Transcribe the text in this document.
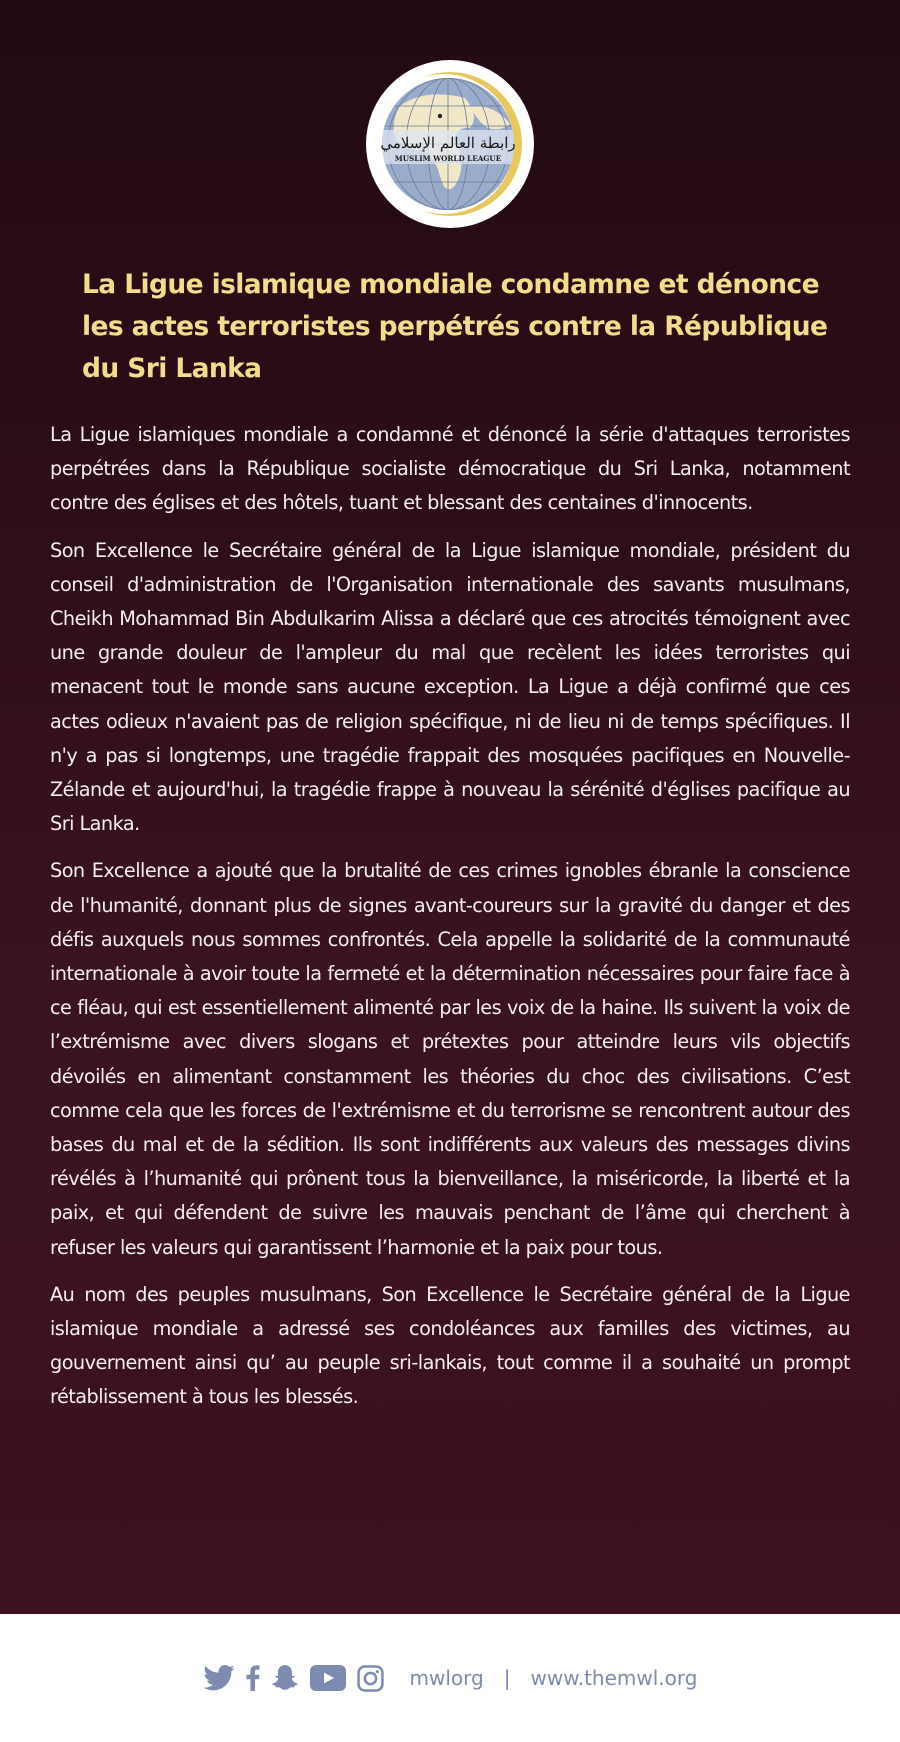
رابطة العالم الإسلامي
MUSLIM WORLD LEAGUE
La Ligue islamique mondiale condamne et dénonce les actes terroristes perpétrés contre la République du Sri Lanka

La Ligue islamiques mondiale a condamné et dénoncé la série d'attaques terroristes perpétrées dans la République socialiste démocratique du Sri Lanka, notamment contre des églises et des hôtels, tuant et blessant des centaines d'innocents.

Son Excellence le Secrétaire général de la Ligue islamique mondiale, président du conseil d'administration de l'Organisation internationale des savants musulmans, Cheikh Mohammad Bin Abdulkarim Alissa a déclaré que ces atrocités témoignent avec une grande douleur de l'ampleur du mal que recèlent les idées terroristes qui menacent tout le monde sans aucune exception. La Ligue a déjà confirmé que ces actes odieux n'avaient pas de religion spécifique, ni de lieu ni de temps spécifiques. Il n'y a pas si longtemps, une tragédie frappait des mosquées pacifiques en Nouvelle-Zélande et aujourd'hui, la tragédie frappe à nouveau la sérénité d'églises pacifique au Sri Lanka.

Son Excellence a ajouté que la brutalité de ces crimes ignobles ébranle la conscience de l'humanité, donnant plus de signes avant-coureurs sur la gravité du danger et des défis auxquels nous sommes confrontés. Cela appelle la solidarité de la communauté internationale à avoir toute la fermeté et la détermination nécessaires pour faire face à ce fléau, qui est essentiellement alimenté par les voix de la haine. Ils suivent la voix de l’extrémisme avec divers slogans et prétextes pour atteindre leurs vils objectifs dévoilés en alimentant constamment les théories du choc des civilisations. C’est comme cela que les forces de l'extrémisme et du terrorisme se rencontrent autour des bases du mal et de la sédition. Ils sont indifférents aux valeurs des messages divins révélés à l’humanité qui prônent tous la bienveillance, la miséricorde, la liberté et la paix, et qui défendent de suivre les mauvais penchant de l’âme qui cherchent à refuser les valeurs qui garantissent l’harmonie et la paix pour tous.

Au nom des peuples musulmans, Son Excellence le Secrétaire général de la Ligue islamique mondiale a adressé ses condoléances aux familles des victimes, au gouvernement ainsi qu’ au peuple sri-lankais, tout comme il a souhaité un prompt rétablissement à tous les blessés.

mwlorg | www.themwl.org
